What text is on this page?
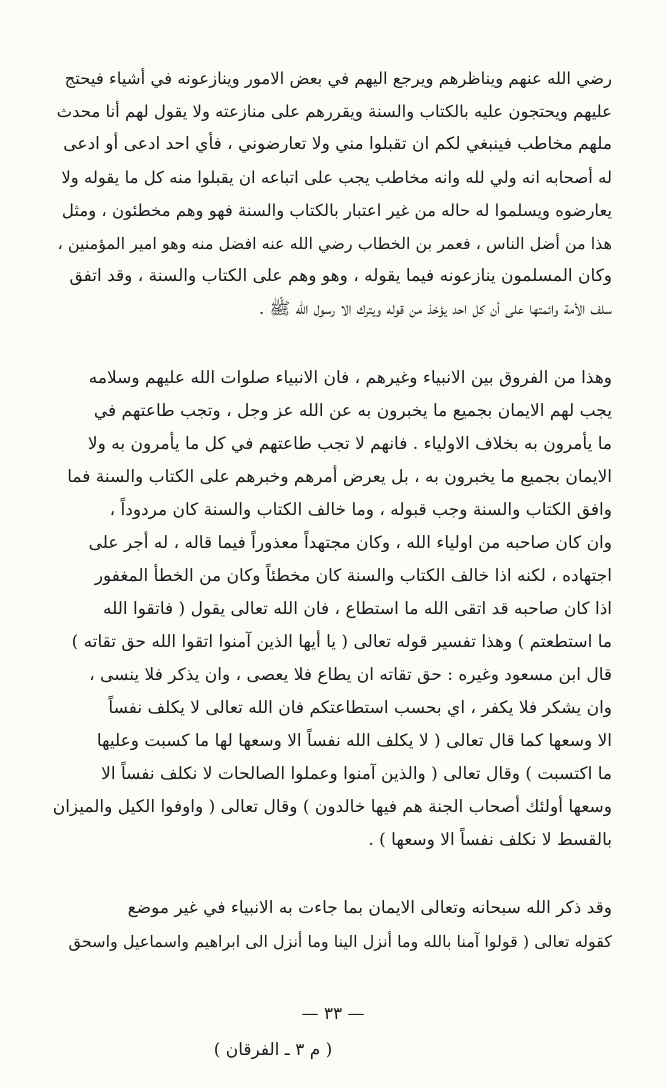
رضي الله عنهم ويناظرهم ويرجع اليهم في بعض الامور وينازعونه في أشياء فيحتج
عليهم ويحتجون عليه بالكتاب والسنة ويقررهم على منازعته ولا يقول لهم أنا محدث
ملهم مخاطب فينبغي لكم ان تقبلوا مني ولا تعارضوني ، فأي احد ادعى أو ادعى
له أصحابه انه ولي لله وانه مخاطب يجب على اتباعه ان يقبلوا منه كل ما يقوله ولا
يعارضوه ويسلموا له حاله من غير اعتبار بالكتاب والسنة فهو وهم مخطئون ، ومثل
هذا من أضل الناس ، فعمر بن الخطاب رضي الله عنه افضل منه وهو امير المؤمنين ،
وكان المسلمون ينازعونه فيما يقوله ، وهو وهم على الكتاب والسنة ، وقد اتفق
سلف الأمة وائمتها على أن كل احد يؤخذ من قوله ويترك الا رسول الله ﷺ .
وهذا من الفروق بين الانبياء وغيرهم ، فان الانبياء صلوات الله عليهم وسلامه
يجب لهم الايمان بجميع ما يخبرون به عن الله عز وجل ، وتجب طاعتهم في
ما يأمرون به بخلاف الاولياء . فانهم لا تجب طاعتهم في كل ما يأمرون به ولا
الايمان بجميع ما يخبرون به ، بل يعرض أمرهم وخبرهم على الكتاب والسنة فما
وافق الكتاب والسنة وجب قبوله ، وما خالف الكتاب والسنة كان مردوداً ،
وان كان صاحبه من اولياء الله ، وكان مجتهداً معذوراً فيما قاله ، له أجر على
اجتهاده ، لكنه اذا خالف الكتاب والسنة كان مخطئاً وكان من الخطأ المغفور
اذا كان صاحبه قد اتقى الله ما استطاع ، فان الله تعالى يقول ( فاتقوا الله
ما استطعتم ) وهذا تفسير قوله تعالى ( يا أيها الذين آمنوا اتقوا الله حق تقاته )
قال ابن مسعود وغيره : حق تقاته ان يطاع فلا يعصى ، وان يذكر فلا ينسى ،
وان يشكر فلا يكفر ، اي بحسب استطاعتكم فان الله تعالى لا يكلف نفساً
الا وسعها كما قال تعالى ( لا يكلف الله نفساً الا وسعها لها ما كسبت وعليها
ما اكتسبت ) وقال تعالى ( والذين آمنوا وعملوا الصالحات لا نكلف نفساً الا
وسعها أولئك أصحاب الجنة هم فيها خالدون ) وقال تعالى ( واوفوا الكيل والميزان
بالقسط لا نكلف نفساً الا وسعها ) .
وقد ذكر الله سبحانه وتعالى الايمان بما جاءت به الانبياء في غير موضع
كقوله تعالى ( قولوا آمنا بالله وما أنزل الينا وما أنزل الى ابراهيم واسماعيل واسحق
— ٣٣ —
( م ٣ ـ الفرقان )
